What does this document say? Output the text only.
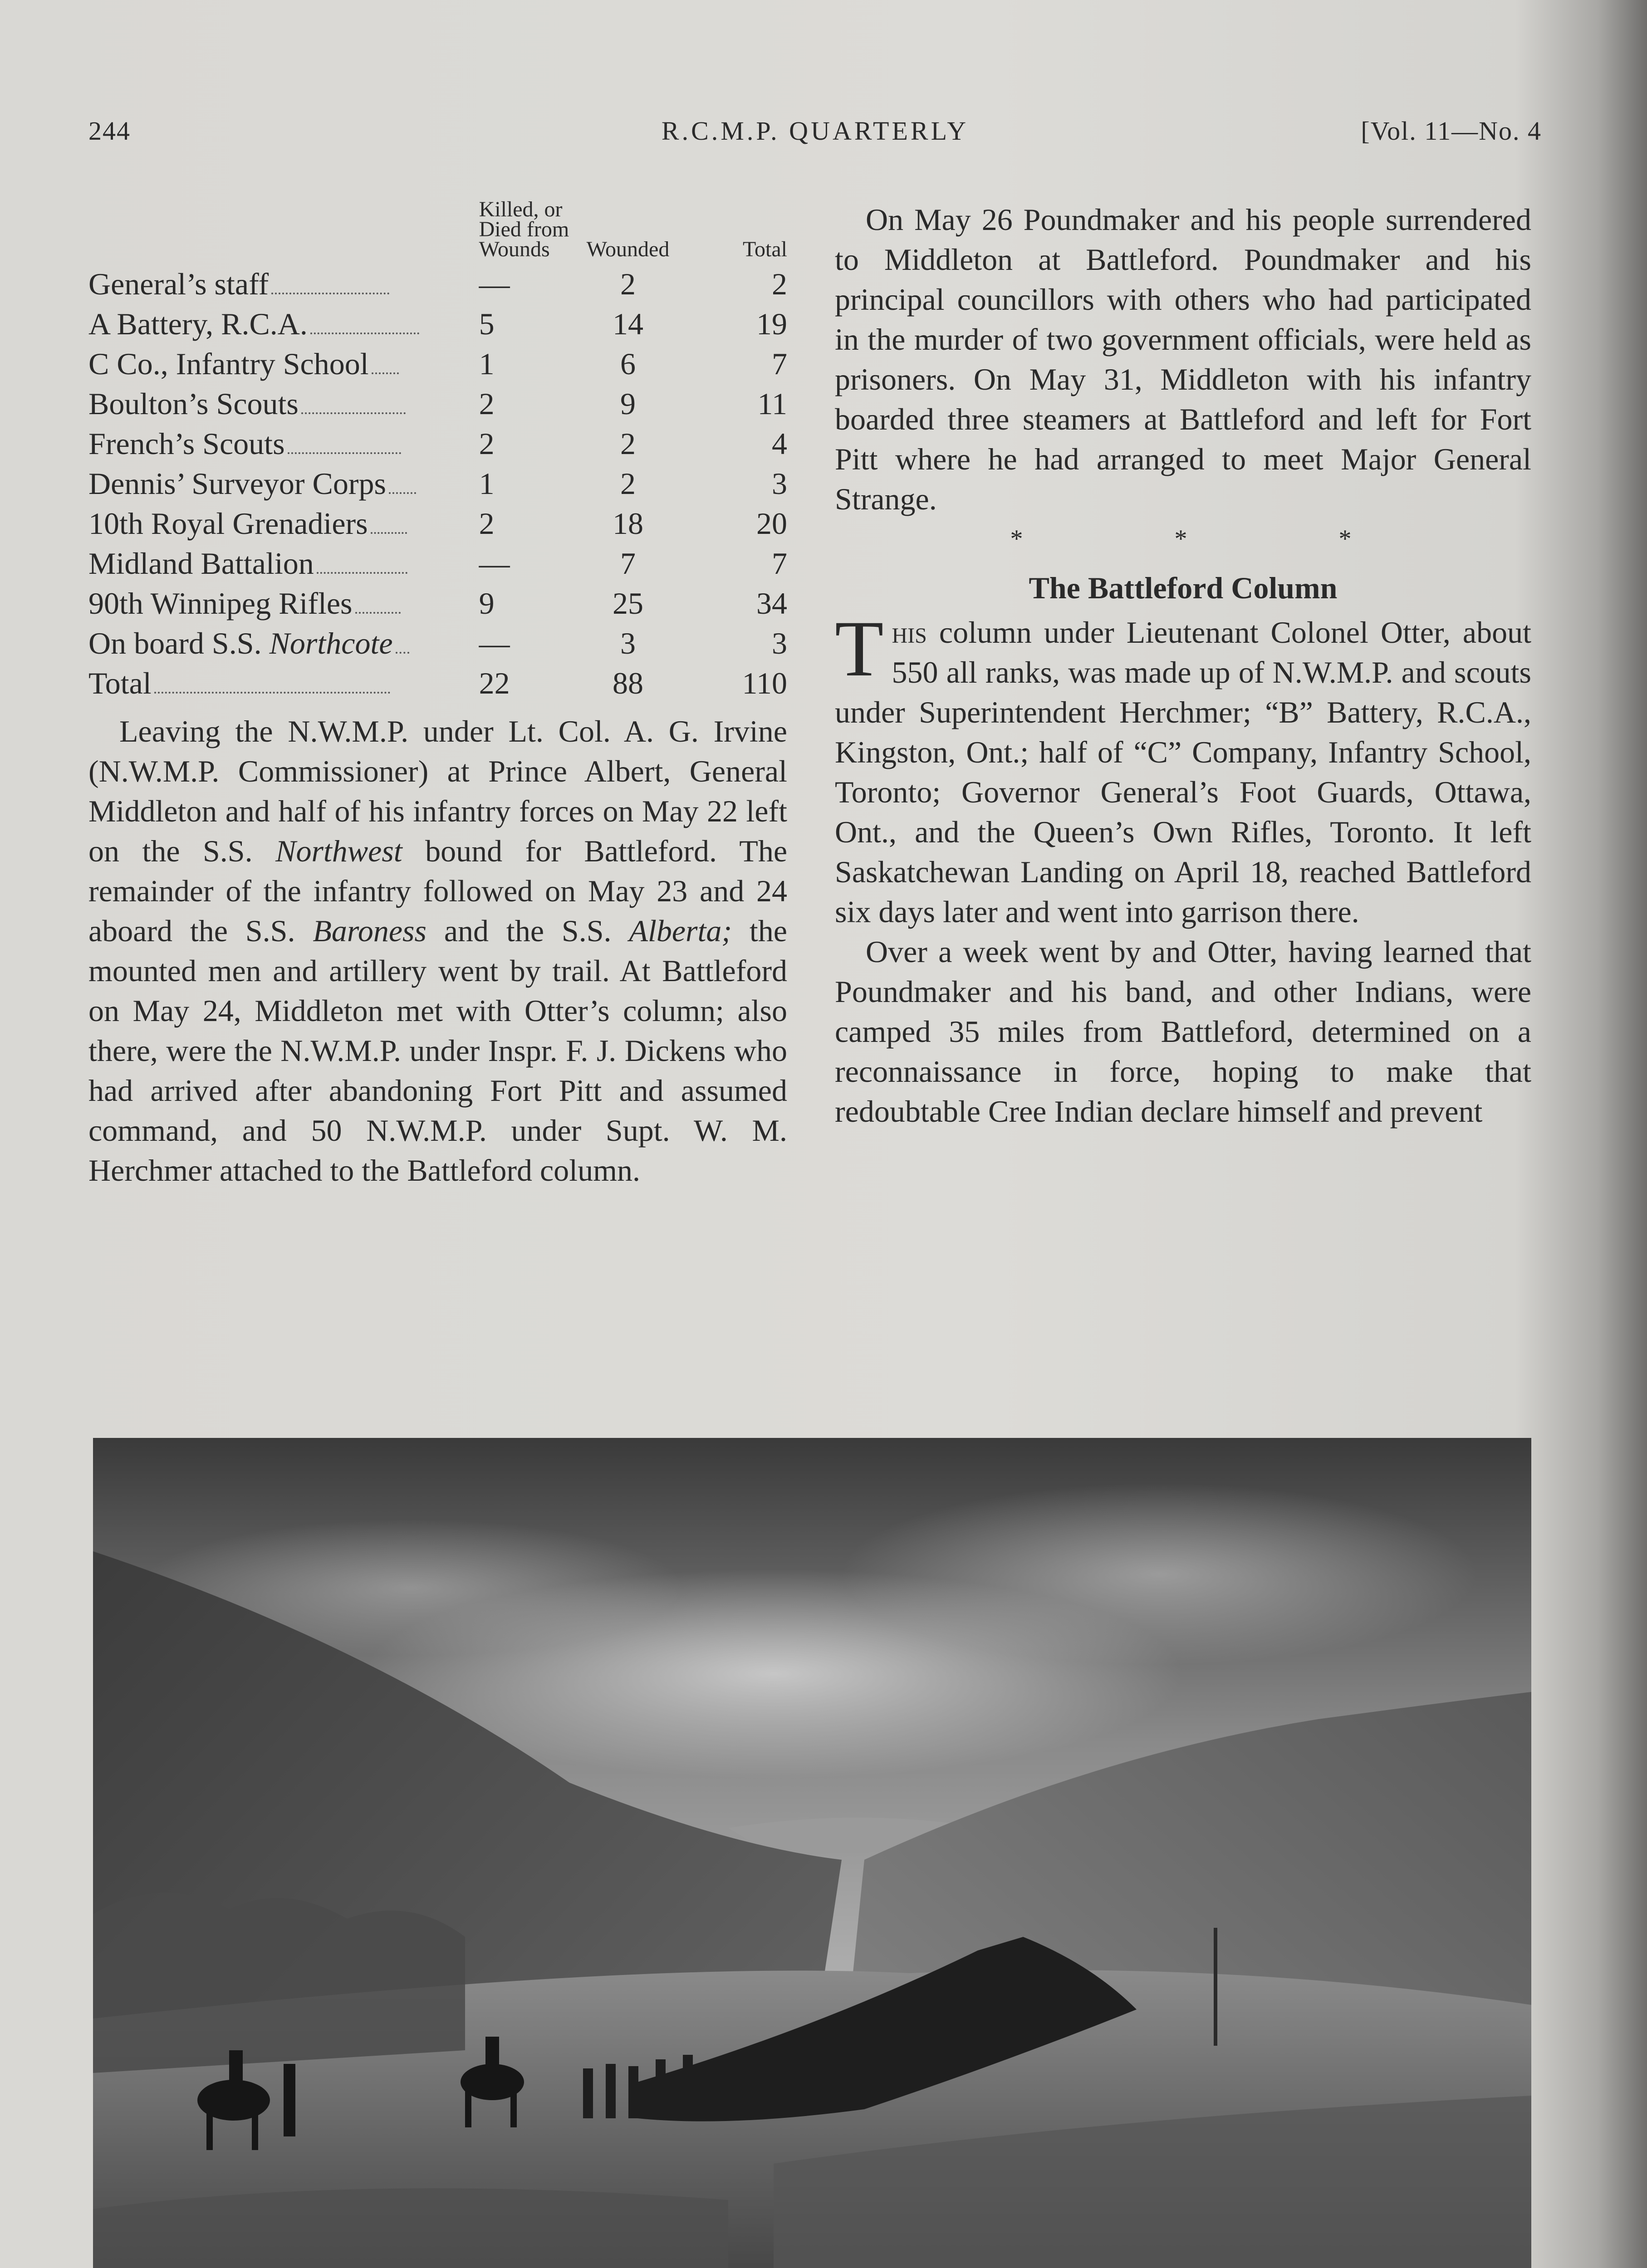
244	R.C.M.P. QUARTERLY	[Vol. 11—No. 4
	Killed, or Died from Wounds	Wounded	Total
General’s staff	—	2	2
A Battery, R.C.A.	5	14	19
C Co., Infantry School	1	6	7
Boulton’s Scouts	2	9	11
French’s Scouts	2	2	4
Dennis’ Surveyor Corps	1	2	3
10th Royal Grenadiers	2	18	20
Midland Battalion	—	7	7
90th Winnipeg Rifles	9	25	34
On board S.S. Northcote	—	3	3
Total	22	88	110

Leaving the N.W.M.P. under Lt. Col. A. G. Irvine (N.W.M.P. Commissioner) at Prince Albert, General Middleton and half of his infantry forces on May 22 left on the S.S. Northwest bound for Battleford. The remainder of the infantry followed on May 23 and 24 aboard the S.S. Baroness and the S.S. Alberta; the mounted men and artillery went by trail. At Battleford on May 24, Middleton met with Otter’s column; also there, were the N.W.M.P. under Inspr. F. J. Dickens who had arrived after abandoning Fort Pitt and assumed command, and 50 N.W.M.P. under Supt. W. M. Herchmer attached to the Battleford column.

On May 26 Poundmaker and his people surrendered to Middleton at Battleford. Poundmaker and his principal councillors with others who had participated in the murder of two government officials, were held as prisoners. On May 31, Middleton with his infantry boarded three steamers at Battleford and left for Fort Pitt where he had arranged to meet Major General Strange.

* * *
The Battleford Column

This column under Lieutenant Colonel Otter, about 550 all ranks, was made up of N.W.M.P. and scouts under Superintendent Herchmer; “B” Battery, R.C.A., Kingston, Ont.; half of “C” Company, Infantry School, Toronto; Governor General’s Foot Guards, Ottawa, Ont., and the Queen’s Own Rifles, Toronto. It left Saskatchewan Landing on April 18, reached Battleford six days later and went into garrison there.

Over a week went by and Otter, having learned that Poundmaker and his band, and other Indians, were camped 35 miles from Battleford, determined on a reconnaissance in force, hoping to make that redoubtable Cree Indian declare himself and prevent
